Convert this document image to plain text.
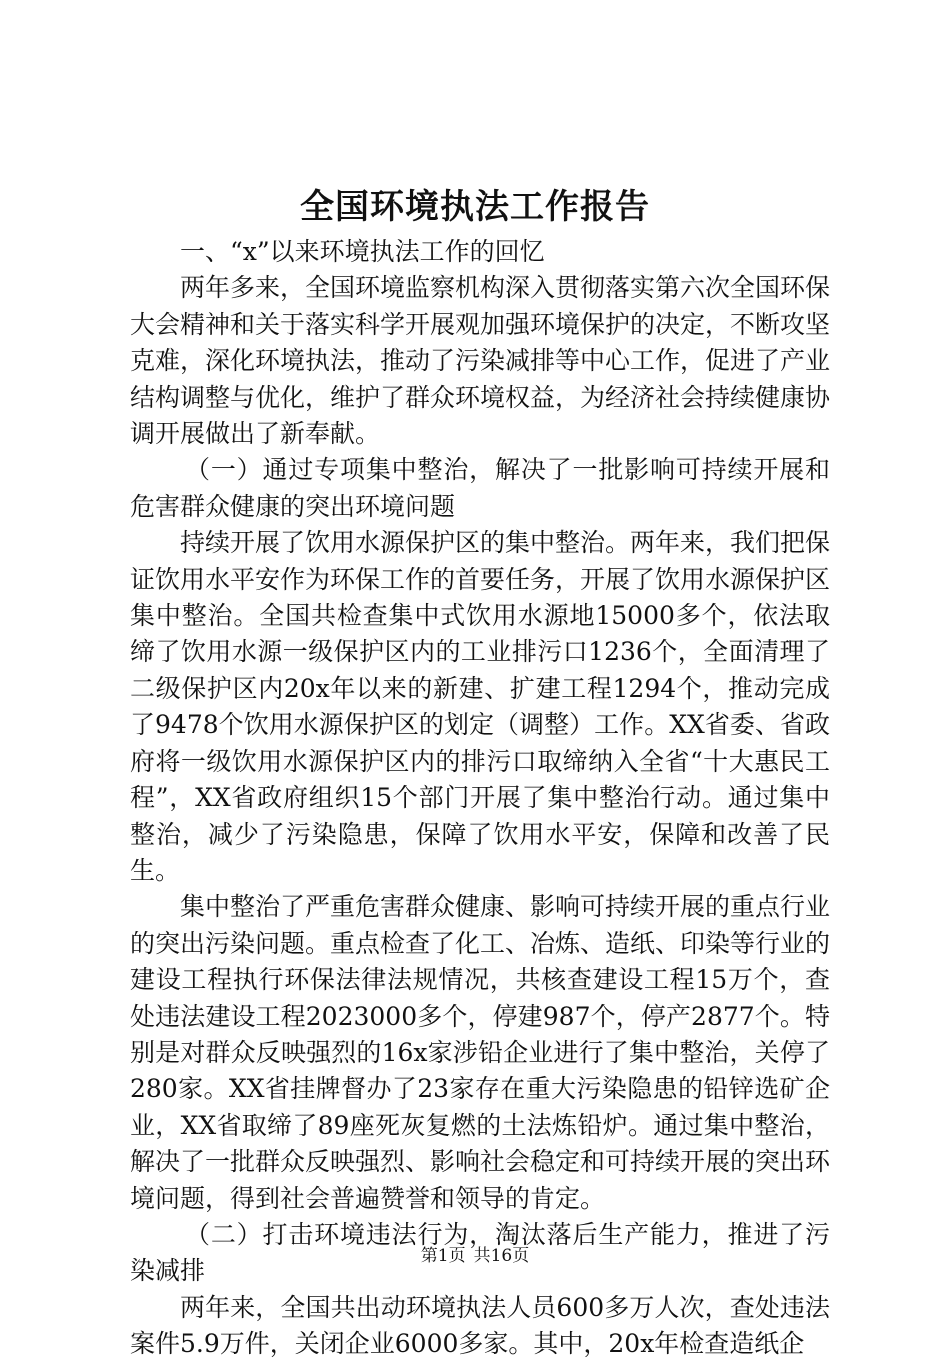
全国环境执法工作报告

一、“x”以来环境执法工作的回忆

两年多来，全国环境监察机构深入贯彻落实第六次全国环保大会精神和关于落实科学开展观加强环境保护的决定，不断攻坚克难，深化环境执法，推动了污染减排等中心工作，促进了产业结构调整与优化，维护了群众环境权益，为经济社会持续健康协调开展做出了新奉献。

（一）通过专项集中整治，解决了一批影响可持续开展和危害群众健康的突出环境问题

持续开展了饮用水源保护区的集中整治。两年来，我们把保证饮用水平安作为环保工作的首要任务，开展了饮用水源保护区集中整治。全国共检查集中式饮用水源地15000多个，依法取缔了饮用水源一级保护区内的工业排污口1236个，全面清理了二级保护区内20x年以来的新建、扩建工程1294个，推动完成了9478个饮用水源保护区的划定（调整）工作。XX省委、省政府将一级饮用水源保护区内的排污口取缔纳入全省“十大惠民工程”，XX省政府组织15个部门开展了集中整治行动。通过集中整治，减少了污染隐患，保障了饮用水平安，保障和改善了民生。

集中整治了严重危害群众健康、影响可持续开展的重点行业的突出污染问题。重点检查了化工、冶炼、造纸、印染等行业的建设工程执行环保法律法规情况，共核查建设工程15万个，查处违法建设工程2023000多个，停建987个，停产2877个。特别是对群众反映强烈的16x家涉铅企业进行了集中整治，关停了280家。XX省挂牌督办了23家存在重大污染隐患的铅锌选矿企业，XX省取缔了89座死灰复燃的土法炼铅炉。通过集中整治，解决了一批群众反映强烈、影响社会稳定和可持续开展的突出环境问题，得到社会普遍赞誉和领导的肯定。

（二）打击环境违法行为，淘汰落后生产能力，推进了污染减排

两年来，全国共出动环境执法人员600多万人次，查处违法案件5.9万件，关闭企业6000多家。其中，20x年检查造纸企

第1页 共16页
